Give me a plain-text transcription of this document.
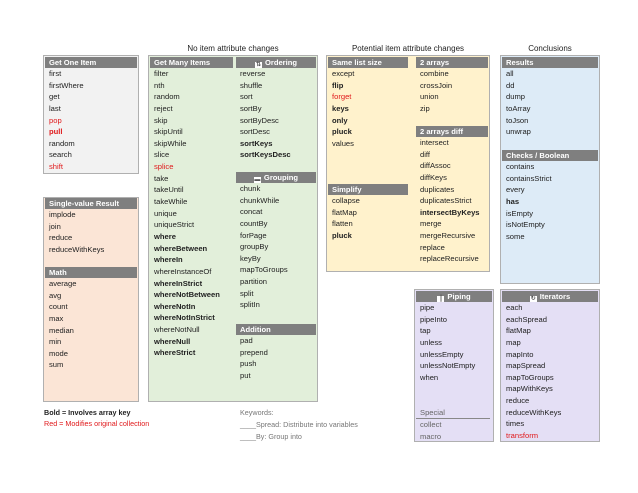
No item attribute changes	Potential item attribute changes	Conclusions
Get One Item
first
firstWhere
get
last
pop
pull
random
search
shift
Single-value Result
implode
join
reduce
reduceWithKeys
Math
average
avg
count
max
median
min
mode
sum
Get Many Items
filter
nth
random
reject
skip
skipUntil
skipWhile
slice
splice
take
takeUntil
takeWhile
unique
uniqueStrict
where
whereBetween
whereIn
whereInstanceOf
whereInStrict
whereNotBetween
whereNotIn
whereNotInStrict
whereNotNull
whereNull
whereStrict
⇅ Ordering
reverse
shuffle
sort
sortBy
sortByDesc
sortDesc
sortKeys
sortKeysDesc
▬ Grouping
chunk
chunkWhile
concat
countBy
forPage
groupBy
keyBy
mapToGroups
partition
split
splitIn
Addition
pad
prepend
push
put
Same list size
except
flip
forget
keys
only
pluck
values
Simplify
collapse
flatMap
flatten
pluck
2 arrays
combine
crossJoin
union
zip
2 arrays diff
intersect
diff
diffAssoc
diffKeys
duplicates
duplicatesStrict
intersectByKeys
merge
mergeRecursive
replace
replaceRecursive
Results
all
dd
dump
toArray
toJson
unwrap
Checks / Boolean
contains
containsStrict
every
has
isEmpty
isNotEmpty
some
║ Piping
pipe
pipeInto
tap
unless
unlessEmpty
unlessNotEmpty
when
Special
collect
macro
↻ Iterators
each
eachSpread
flatMap
map
mapInto
mapSpread
mapToGroups
mapWithKeys
reduce
reduceWithKeys
times
transform
Bold = Involves array key
Red = Modifies original collection
Keywords:
____Spread: Distribute into variables
____By: Group into
